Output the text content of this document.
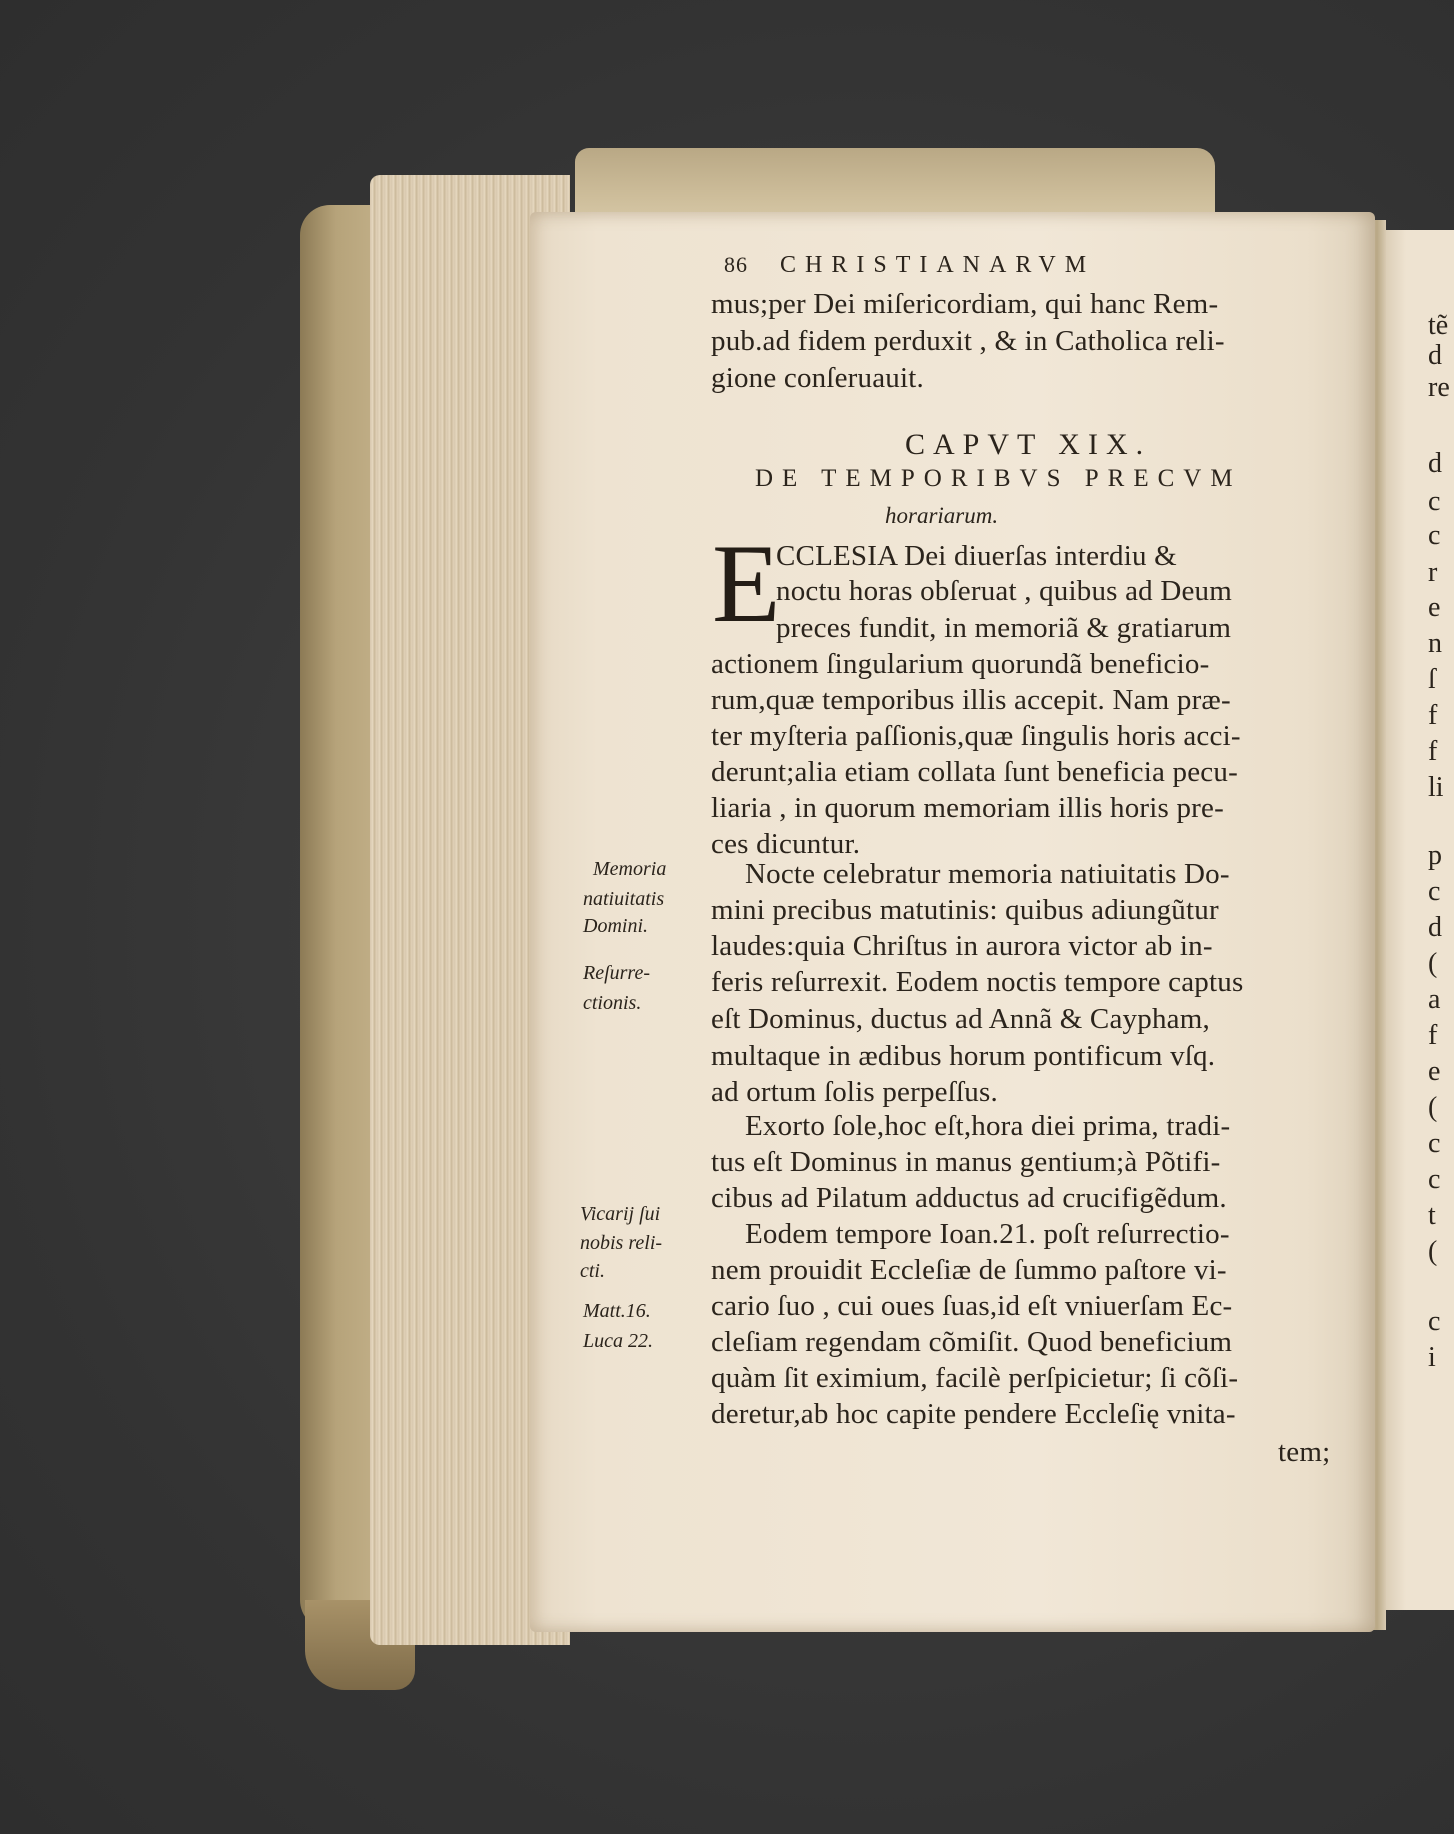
86 CHRISTIANARVM
mus;per Dei miſericordiam, qui hanc Rem-
pub.ad fidem perduxit , & in Catholica reli-
gione conſeruauit.
CAPVT XIX.
DE TEMPORIBVS PRECVM
horariarum.
E
CCLESIA Dei diuerſas interdiu &
noctu horas obſeruat , quibus ad Deum
preces fundit, in memoriã & gratiarum
actionem ſingularium quorundã beneficio-
rum,quæ temporibus illis accepit. Nam præ-
ter myſteria paſſionis,quæ ſingulis horis acci-
derunt;alia etiam collata ſunt beneficia pecu-
liaria , in quorum memoriam illis horis pre-
ces dicuntur.
Nocte celebratur memoria natiuitatis Do-
mini precibus matutinis: quibus adiungũtur
laudes:quia Chriſtus in aurora victor ab in-
feris reſurrexit. Eodem noctis tempore captus
eſt Dominus, ductus ad Annã & Caypham,
multaque in ædibus horum pontificum vſq.
ad ortum ſolis perpeſſus.
Exorto ſole,hoc eſt,hora diei prima, tradi-
tus eſt Dominus in manus gentium;à Põtifi-
cibus ad Pilatum adductus ad crucifigẽdum.
Eodem tempore Ioan.21. poſt reſurrectio-
nem prouidit Eccleſiæ de ſummo paſtore vi-
cario ſuo , cui oues ſuas,id eſt vniuerſam Ec-
cleſiam regendam cõmiſit. Quod beneficium
quàm ſit eximium, facilè perſpicietur; ſi cõſi-
deretur,ab hoc capite pendere Eccleſię vnita-
tem;
Memoria
natiuitatis
Domini.
Reſurre-
ctionis.
Vicarij ſui
nobis reli-
cti.
Matt.16.
Luca 22.
tẽ
d
re
d
c
c
r
e
n
ſ
f
f
li
p
c
d
(
a
f
e
(
c
c
t
(
c
i
